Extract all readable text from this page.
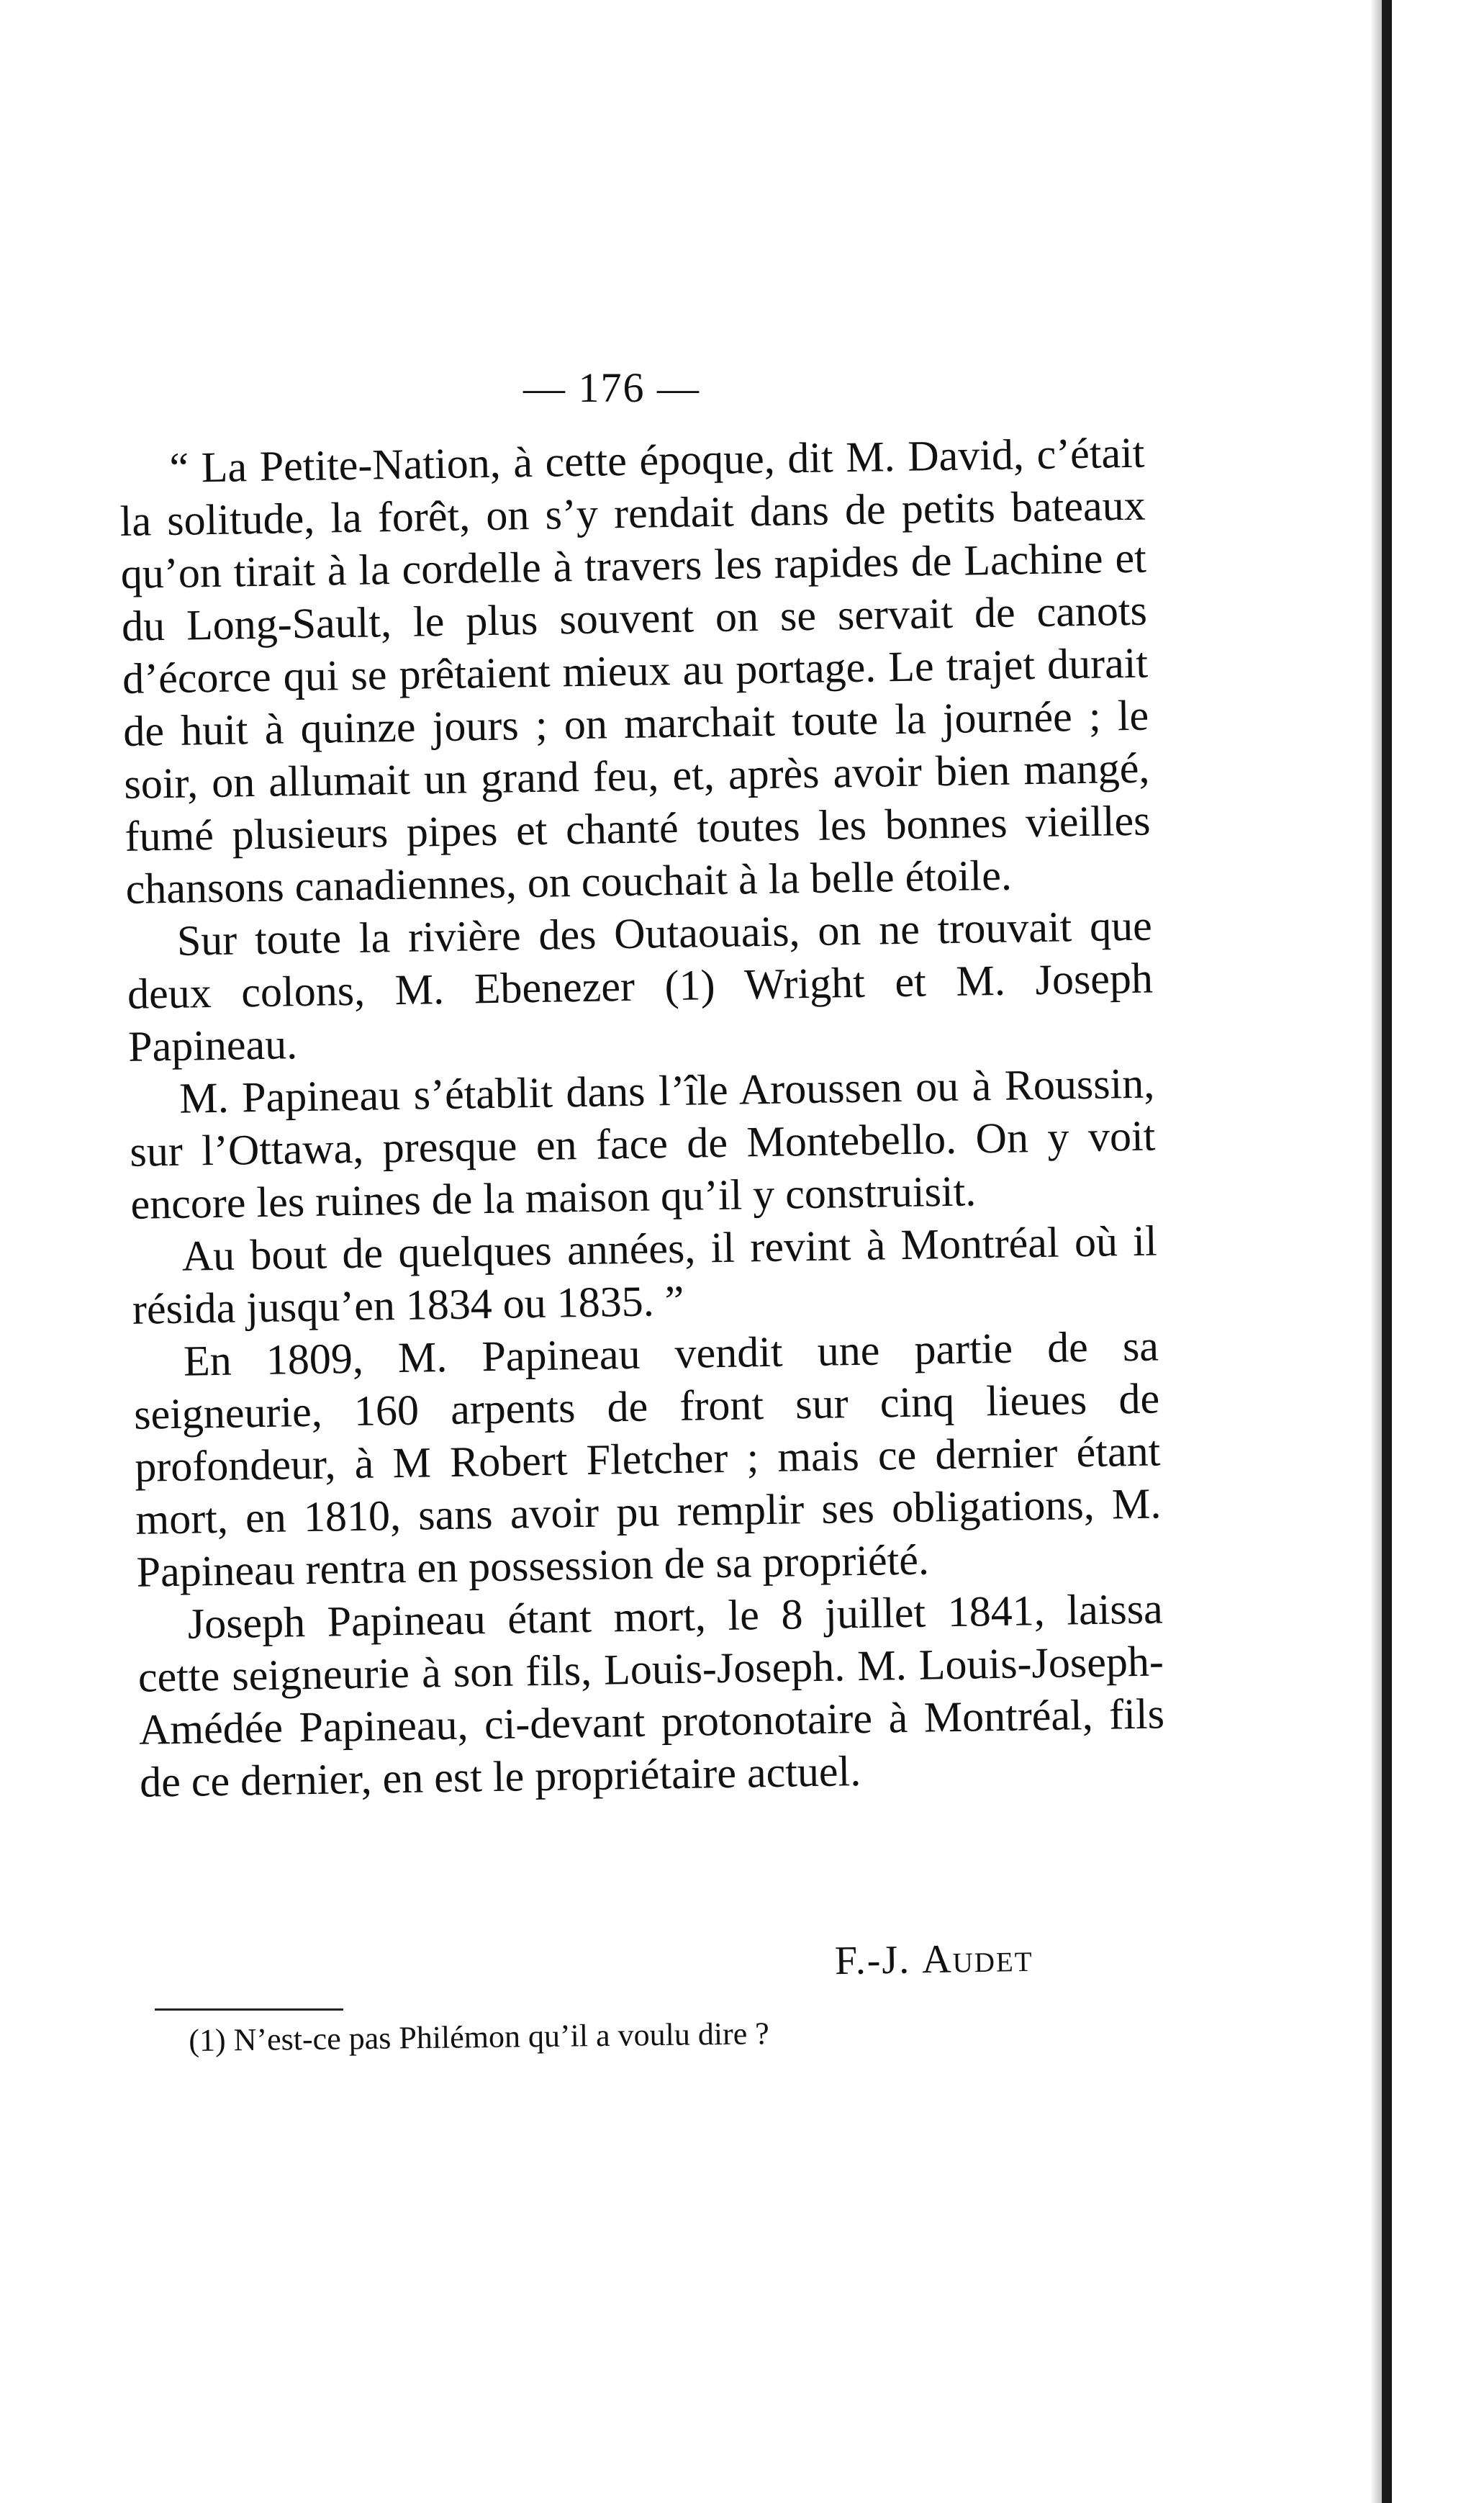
— 176 —

“ La Petite-Nation, à cette époque, dit M. David, c’était la solitude, la forêt, on s’y rendait dans de petits bateaux qu’on tirait à la cordelle à travers les rapides de Lachine et du Long-Sault, le plus souvent on se servait de canots d’écorce qui se prêtaient mieux au portage. Le trajet durait de huit à quinze jours ; on marchait toute la journée ; le soir, on allumait un grand feu, et, après avoir bien mangé, fumé plusieurs pipes et chanté toutes les bonnes vieilles chansons canadiennes, on couchait à la belle étoile.

Sur toute la rivière des Outaouais, on ne trouvait que deux colons, M. Ebenezer (1) Wright et M. Joseph Papineau.

M. Papineau s’établit dans l’île Aroussen ou à Roussin, sur l’Ottawa, presque en face de Montebello. On y voit encore les ruines de la maison qu’il y construisit.

Au bout de quelques années, il revint à Montréal où il résida jusqu’en 1834 ou 1835. ”

En 1809, M. Papineau vendit une partie de sa seigneurie, 160 arpents de front sur cinq lieues de profondeur, à M Robert Fletcher ; mais ce dernier étant mort, en 1810, sans avoir pu remplir ses obligations, M. Papineau rentra en possession de sa propriété.

Joseph Papineau étant mort, le 8 juillet 1841, laissa cette seigneurie à son fils, Louis-Joseph. M. Louis-Joseph-Amédée Papineau, ci-devant protonotaire à Montréal, fils de ce dernier, en est le propriétaire actuel.

F.-J. Audet
(1) N’est-ce pas Philémon qu’il a voulu dire ?
